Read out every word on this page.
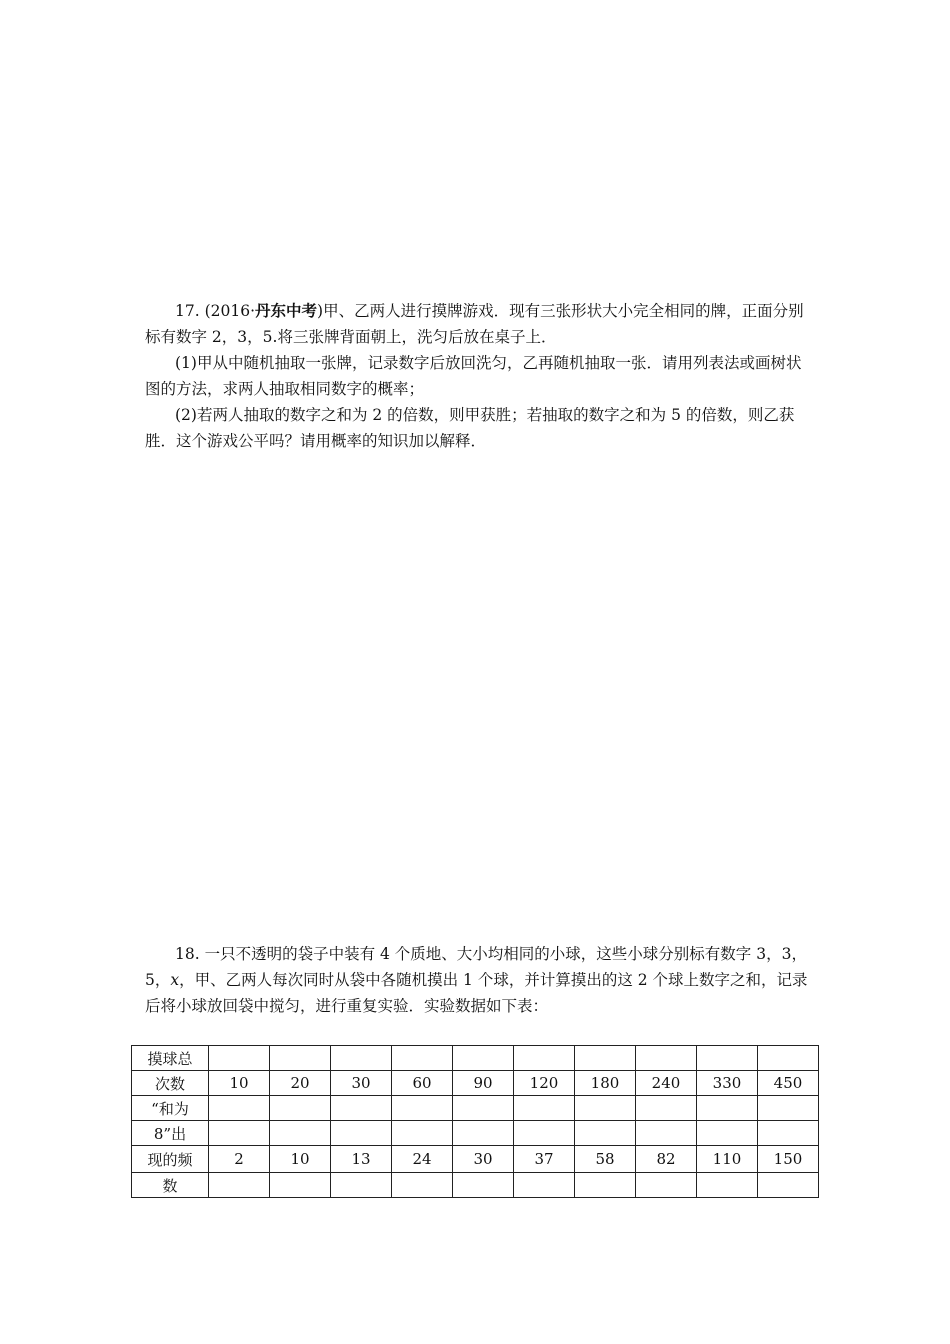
17. (2016·丹东中考)甲、乙两人进行摸牌游戏．现有三张形状大小完全相同的牌，正面分别标有数字 2，3，5.将三张牌背面朝上，洗匀后放在桌子上．

(1)甲从中随机抽取一张牌，记录数字后放回洗匀，乙再随机抽取一张．请用列表法或画树状图的方法，求两人抽取相同数字的概率；

(2)若两人抽取的数字之和为 2 的倍数，则甲获胜；若抽取的数字之和为 5 的倍数，则乙获胜．这个游戏公平吗？请用概率的知识加以解释．

18. 一只不透明的袋子中装有 4 个质地、大小均相同的小球，这些小球分别标有数字 3，3，5，x，甲、乙两人每次同时从袋中各随机摸出 1 个球，并计算摸出的这 2 个球上数字之和，记录后将小球放回袋中搅匀，进行重复实验．实验数据如下表：

摸球总										
次数	10	20	30	60	90	120	180	240	330	450
“和为										
8”出										
现的频	2	10	13	24	30	37	58	82	110	150
数										
